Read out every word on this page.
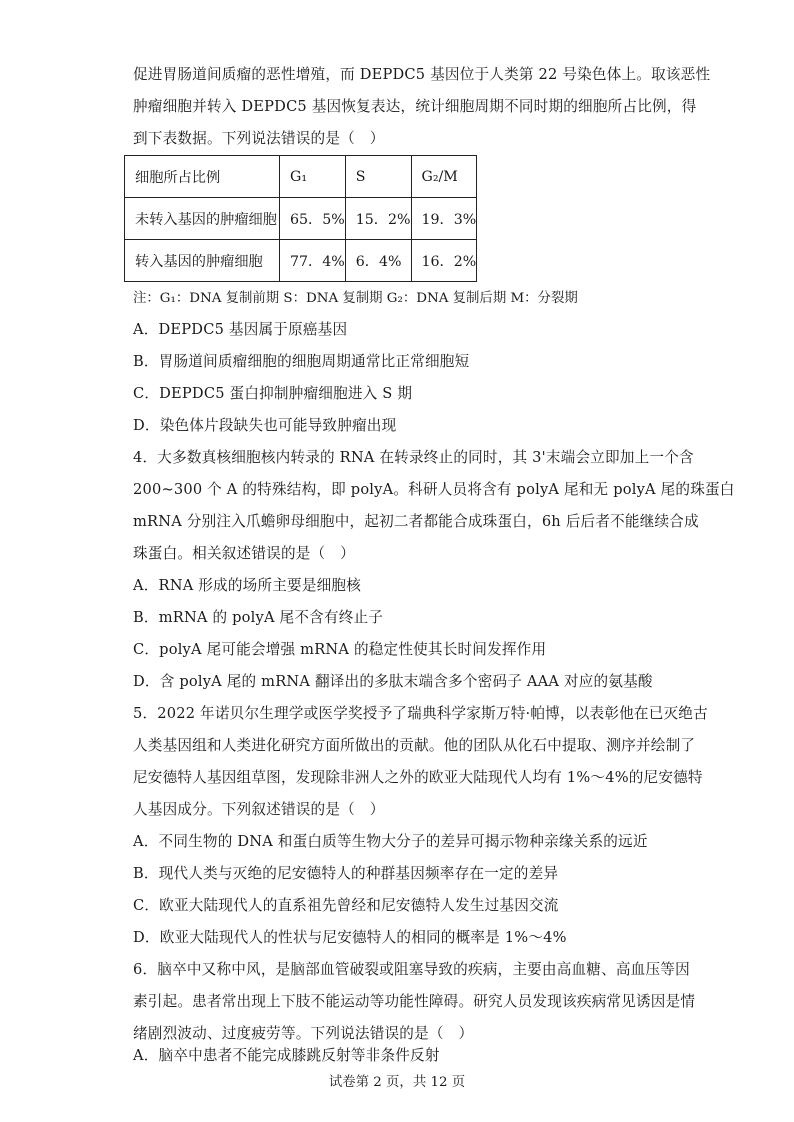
促进胃肠道间质瘤的恶性增殖，而 DEPDC5 基因位于人类第 22 号染色体上。取该恶性
肿瘤细胞并转入 DEPDC5 基因恢复表达，统计细胞周期不同时期的细胞所占比例，得
到下表数据。下列说法错误的是（　）
细胞所占比例	G₁	S	G₂/M
未转入基因的肿瘤细胞	65．5%	15．2%	19．3%
转入基因的肿瘤细胞	77．4%	6．4%	16．2%
注：G₁：DNA 复制前期 S：DNA 复制期 G₂：DNA 复制后期 M：分裂期
A．DEPDC5 基因属于原癌基因
B．胃肠道间质瘤细胞的细胞周期通常比正常细胞短
C．DEPDC5 蛋白抑制肿瘤细胞进入 S 期
D．染色体片段缺失也可能导致肿瘤出现
4．大多数真核细胞核内转录的 RNA 在转录终止的同时，其 3'末端会立即加上一个含
200~300 个 A 的特殊结构，即 polyA。科研人员将含有 polyA 尾和无 polyA 尾的珠蛋白
mRNA 分别注入爪蟾卵母细胞中，起初二者都能合成珠蛋白，6h 后后者不能继续合成
珠蛋白。相关叙述错误的是（　）
A．RNA 形成的场所主要是细胞核
B．mRNA 的 polyA 尾不含有终止子
C．polyA 尾可能会增强 mRNA 的稳定性使其长时间发挥作用
D．含 polyA 尾的 mRNA 翻译出的多肽末端含多个密码子 AAA 对应的氨基酸
5．2022 年诺贝尔生理学或医学奖授予了瑞典科学家斯万特·帕博，以表彰他在已灭绝古
人类基因组和人类进化研究方面所做出的贡献。他的团队从化石中提取、测序并绘制了
尼安德特人基因组草图，发现除非洲人之外的欧亚大陆现代人均有 1%～4%的尼安德特
人基因成分。下列叙述错误的是（　）
A．不同生物的 DNA 和蛋白质等生物大分子的差异可揭示物种亲缘关系的远近
B．现代人类与灭绝的尼安德特人的种群基因频率存在一定的差异
C．欧亚大陆现代人的直系祖先曾经和尼安德特人发生过基因交流
D．欧亚大陆现代人的性状与尼安德特人的相同的概率是 1%～4%
6．脑卒中又称中风，是脑部血管破裂或阻塞导致的疾病，主要由高血糖、高血压等因
素引起。患者常出现上下肢不能运动等功能性障碍。研究人员发现该疾病常见诱因是情
绪剧烈波动、过度疲劳等。下列说法错误的是（　）
A．脑卒中患者不能完成膝跳反射等非条件反射
试卷第 2 页，共 12 页
